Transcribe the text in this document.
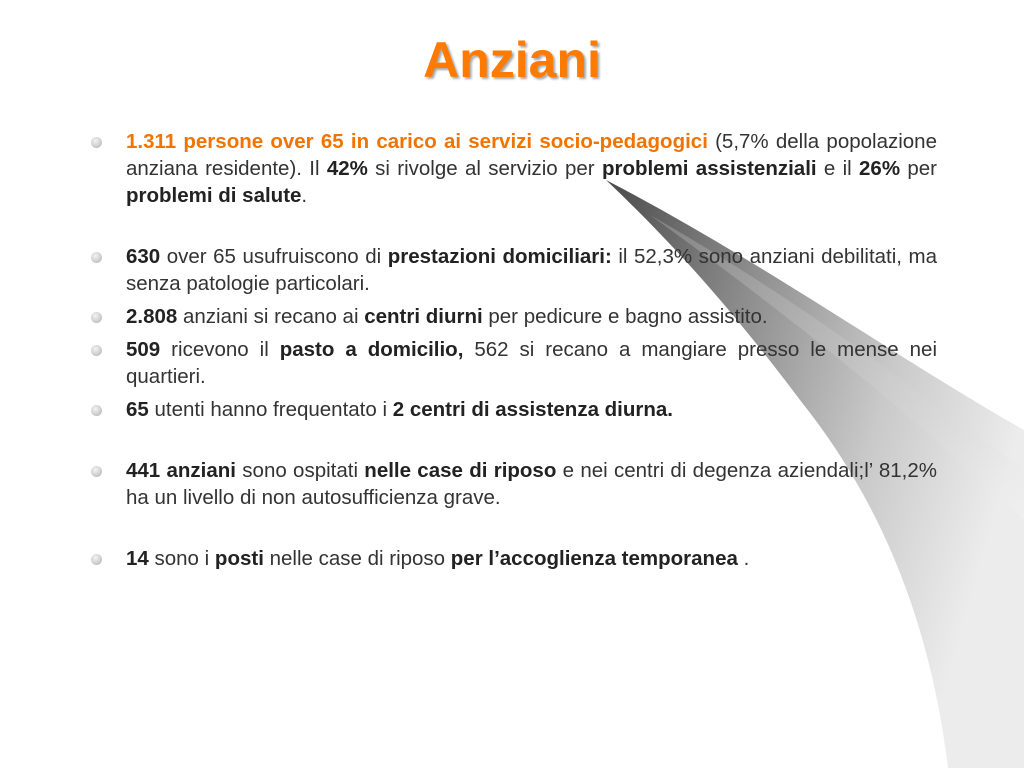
Anziani
1.311 persone over 65 in carico ai servizi socio-pedagogici (5,7% della popolazione anziana residente). Il 42% si rivolge al servizio per problemi assistenziali e il 26% per problemi di salute.
630 over 65 usufruiscono di prestazioni domiciliari: il 52,3% sono anziani debilitati, ma senza patologie particolari.
2.808 anziani si recano ai centri diurni per pedicure e bagno assistito.
509 ricevono il pasto a domicilio, 562 si recano a mangiare presso le mense nei quartieri.
65 utenti hanno frequentato i 2 centri di assistenza diurna.
441 anziani sono ospitati nelle case di riposo e nei centri di degenza aziendali;l’ 81,2% ha un livello di non autosufficienza grave.
14 sono i posti nelle case di riposo per l’accoglienza temporanea .
